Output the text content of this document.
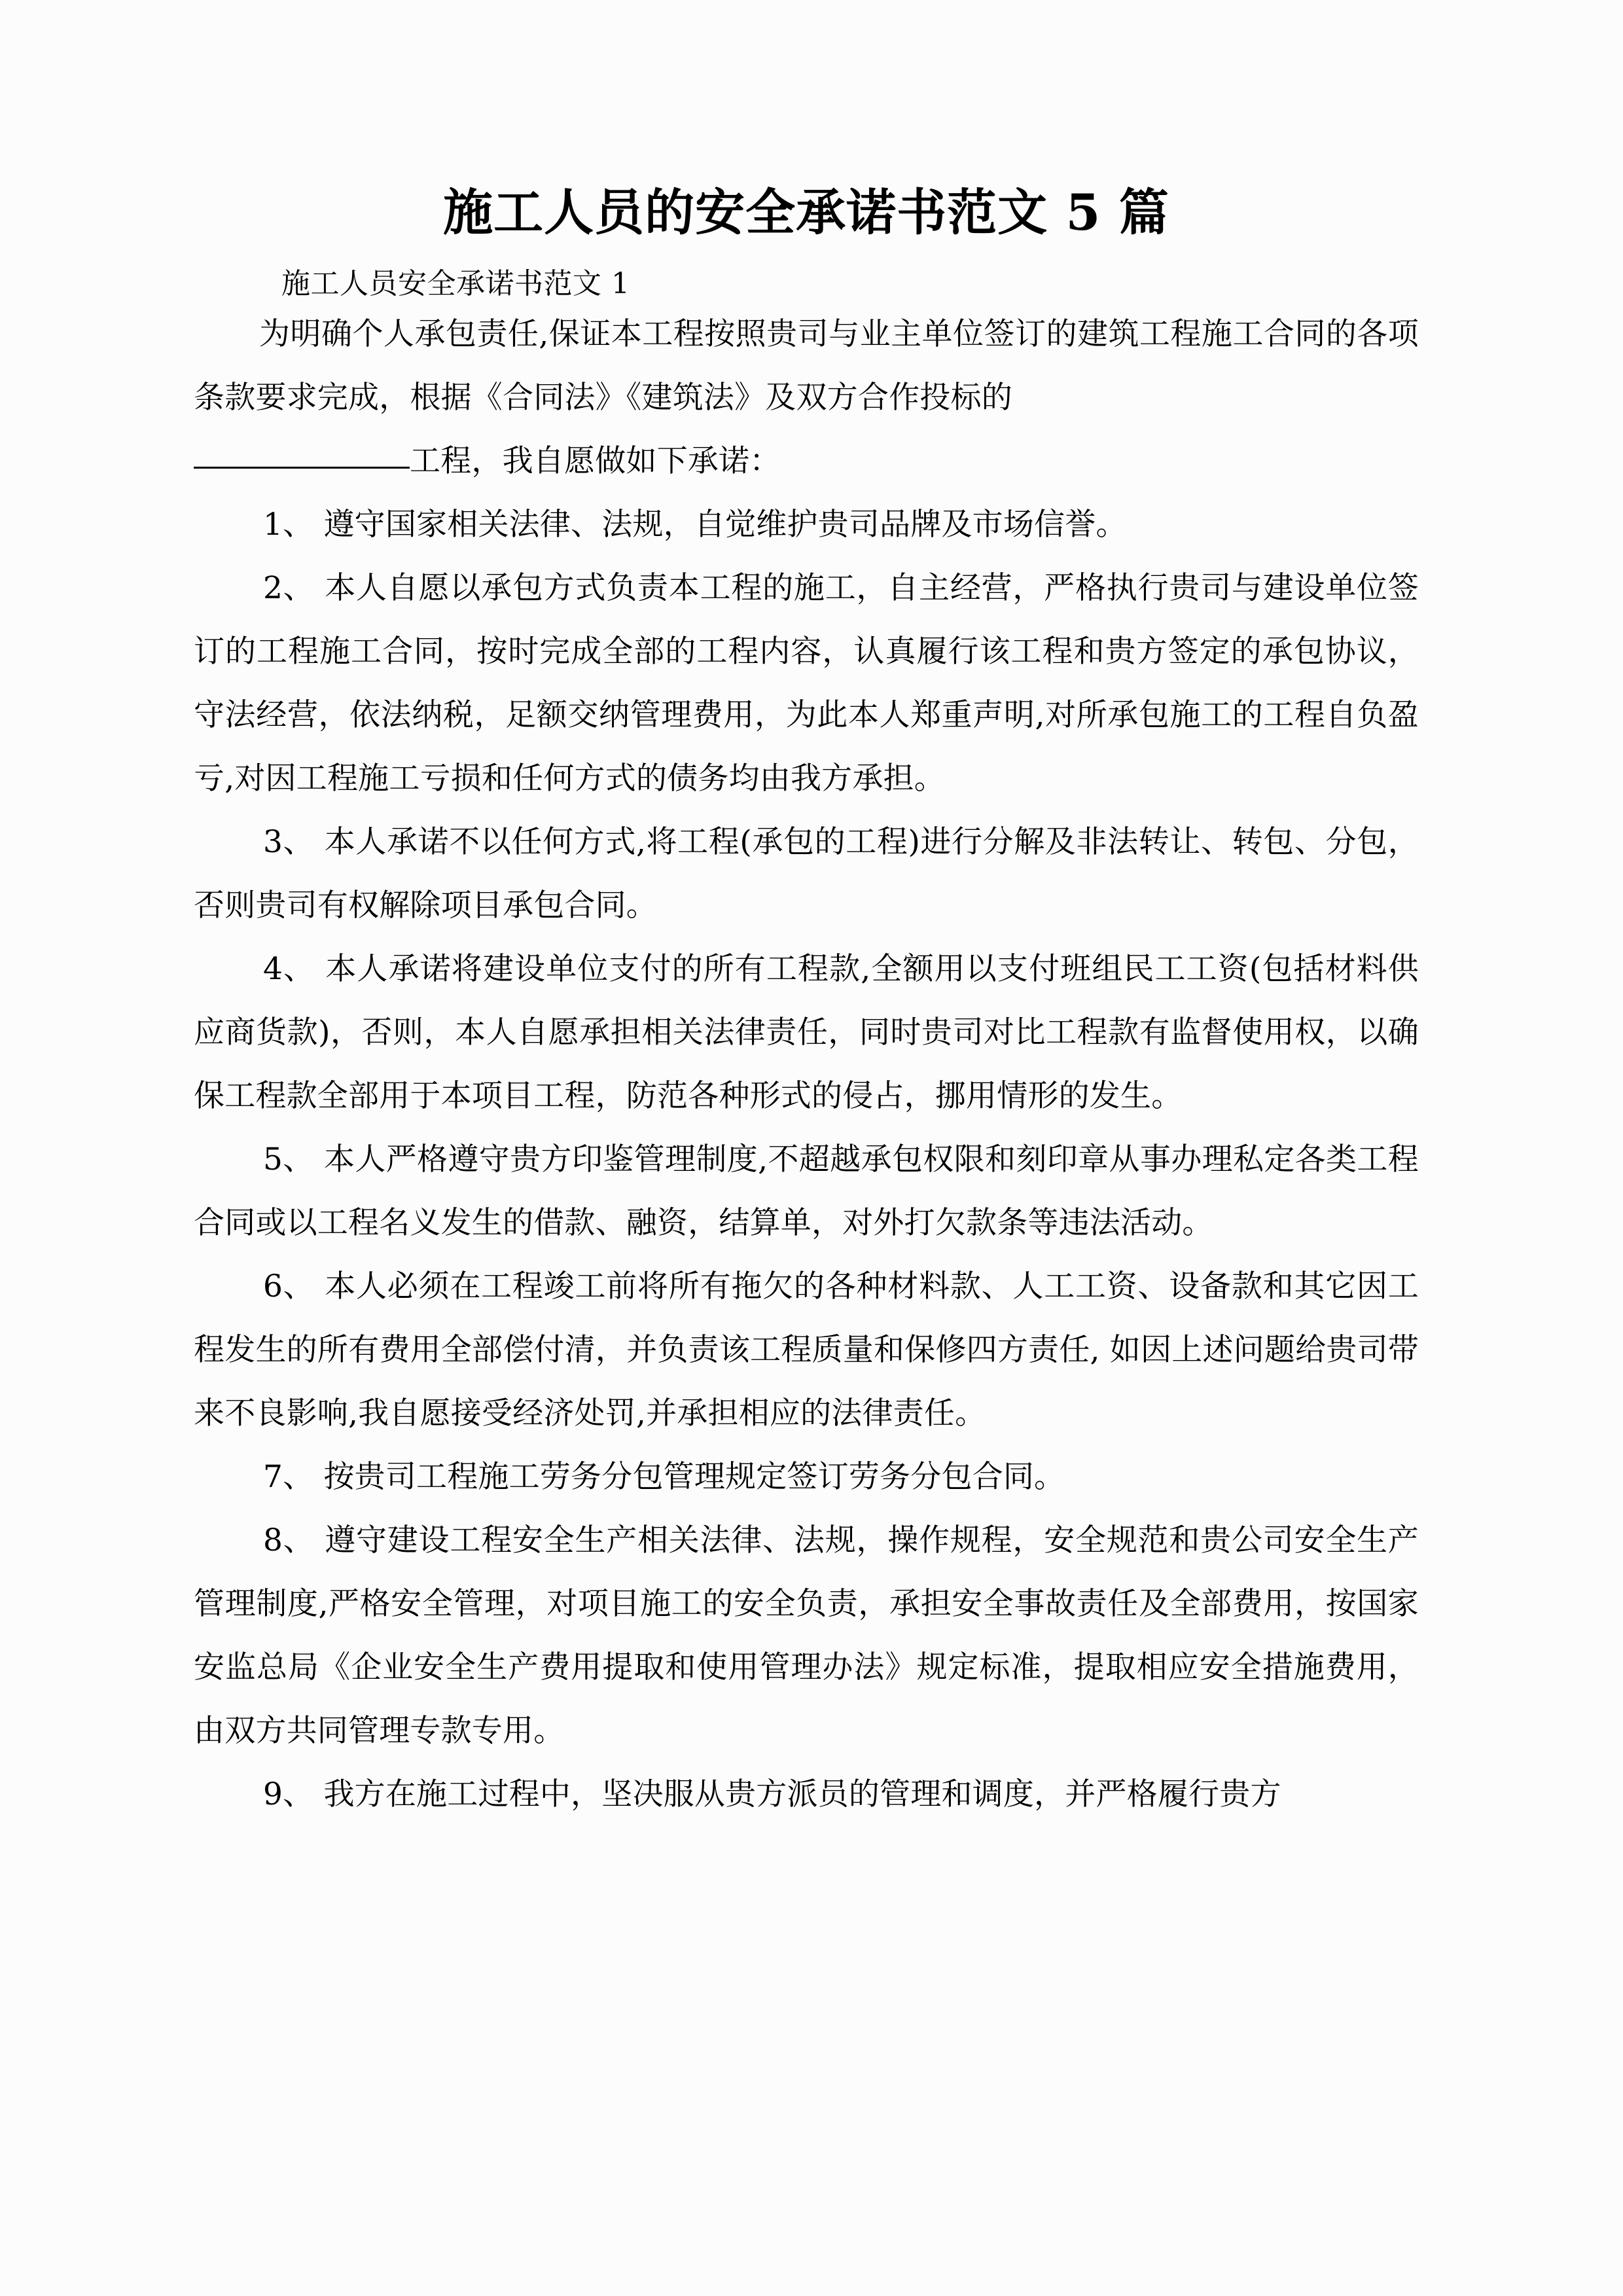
施工人员的安全承诺书范文 5 篇

施工人员安全承诺书范文 1

为明确个人承包责任,保证本工程按照贵司与业主单位签订的建筑工程施工合同的各项条款要求完成，根据《合同法》《建筑法》及双方合作投标的

工程，我自愿做如下承诺：

1、 遵守国家相关法律、法规，自觉维护贵司品牌及市场信誉。

2、 本人自愿以承包方式负责本工程的施工，自主经营，严格执行贵司与建设单位签订的工程施工合同，按时完成全部的工程内容，认真履行该工程和贵方签定的承包协议，守法经营，依法纳税，足额交纳管理费用，为此本人郑重声明,对所承包施工的工程自负盈亏,对因工程施工亏损和任何方式的债务均由我方承担。

3、 本人承诺不以任何方式,将工程(承包的工程)进行分解及非法转让、转包、分包，否则贵司有权解除项目承包合同。

4、 本人承诺将建设单位支付的所有工程款,全额用以支付班组民工工资(包括材料供应商货款)，否则，本人自愿承担相关法律责任，同时贵司对比工程款有监督使用权，以确保工程款全部用于本项目工程，防范各种形式的侵占，挪用情形的发生。

5、 本人严格遵守贵方印鉴管理制度,不超越承包权限和刻印章从事办理私定各类工程合同或以工程名义发生的借款、融资，结算单，对外打欠款条等违法活动。

6、 本人必须在工程竣工前将所有拖欠的各种材料款、人工工资、设备款和其它因工程发生的所有费用全部偿付清，并负责该工程质量和保修四方责任, 如因上述问题给贵司带来不良影响,我自愿接受经济处罚,并承担相应的法律责任。

7、 按贵司工程施工劳务分包管理规定签订劳务分包合同。

8、 遵守建设工程安全生产相关法律、法规，操作规程，安全规范和贵公司安全生产管理制度,严格安全管理，对项目施工的安全负责，承担安全事故责任及全部费用，按国家安监总局《企业安全生产费用提取和使用管理办法》规定标准，提取相应安全措施费用，由双方共同管理专款专用。

9、 我方在施工过程中，坚决服从贵方派员的管理和调度，并严格履行贵方
